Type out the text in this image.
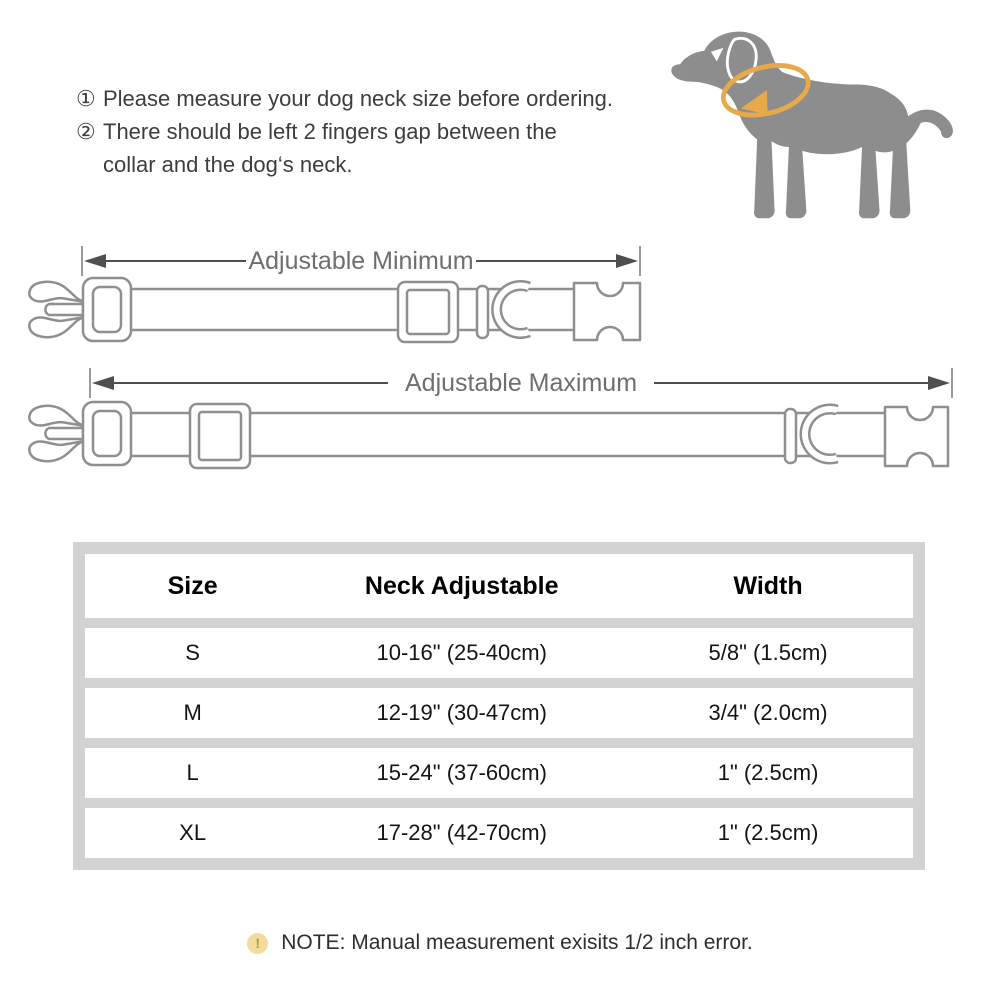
① Please measure your dog neck size before ordering.
② There should be left 2 fingers gap between the
collar and the dog‘s neck.
Adjustable Minimum
Adjustable Maximum
Size	Neck Adjustable	Width
S	10-16" (25-40cm)	5/8" (1.5cm)
M	12-19" (30-47cm)	3/4" (2.0cm)
L	15-24" (37-60cm)	1" (2.5cm)
XL	17-28" (42-70cm)	1" (2.5cm)
!	NOTE: Manual measurement exisits 1/2 inch error.
